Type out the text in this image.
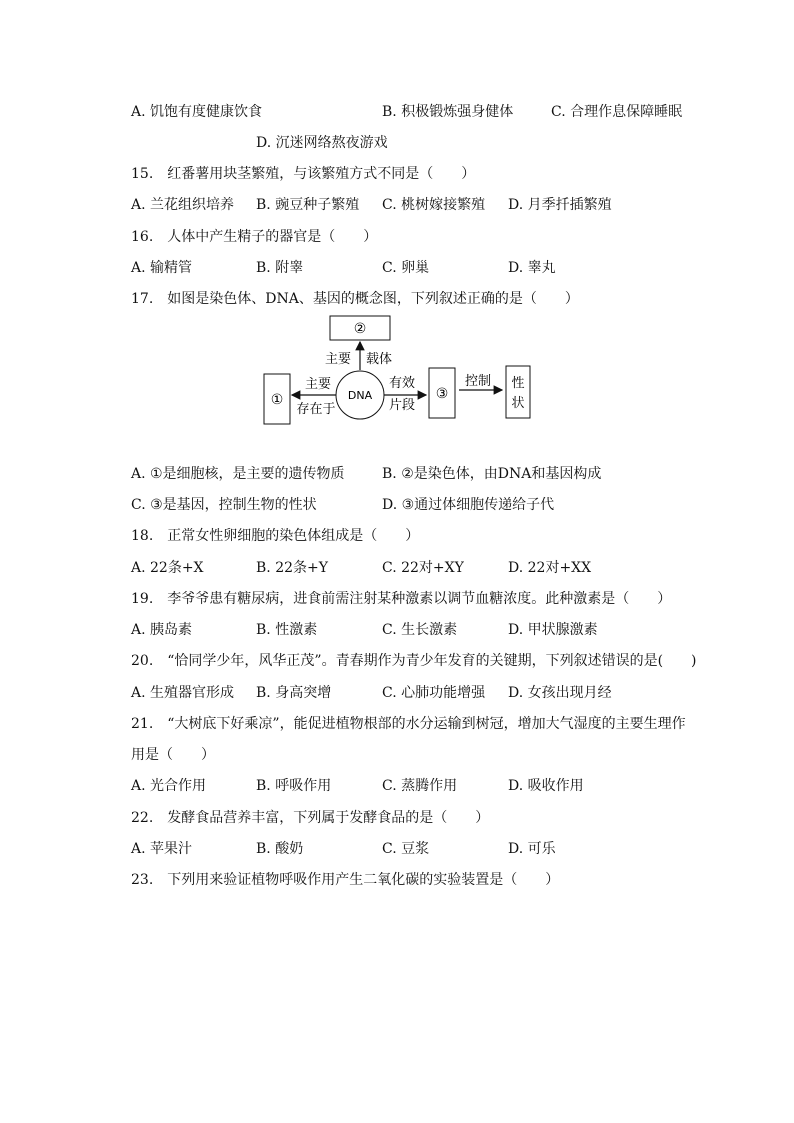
A. 饥饱有度健康饮食	B. 积极锻炼强身健体	C. 合理作息保障睡眠
D. 沉迷网络熬夜游戏
15.　红番薯用块茎繁殖，与该繁殖方式不同是（　　）
A. 兰花组织培养 B. 豌豆种子繁殖 C. 桃树嫁接繁殖 D. 月季扦插繁殖
16.　人体中产生精子的器官是（　　）
A. 输精管	B. 附睾	C. 卵巢	D. 睾丸
17.　如图是染色体、DNA、基因的概念图，下列叙述正确的是（　　）
②
主要 载体
DNA
①
主要
存在于
有效
片段
③
控制 性
状
A. ①是细胞核，是主要的遗传物质	B. ②是染色体，由DNA和基因构成
C. ③是基因，控制生物的性状	D. ③通过体细胞传递给子代
18.　正常女性卵细胞的染色体组成是（　　）
A. 22条+X	B. 22条+Y	C. 22对+XY	D. 22对+XX
19.　李爷爷患有糖尿病，进食前需注射某种激素以调节血糖浓度。此种激素是（　　）
A. 胰岛素	B. 性激素	C. 生长激素	D. 甲状腺激素
20.　“恰同学少年，风华正茂”。青春期作为青少年发育的关键期，下列叙述错误的是(　　)
A. 生殖器官形成 B. 身高突增	C. 心肺功能增强 D. 女孩出现月经
21.　“大树底下好乘凉”，能促进植物根部的水分运输到树冠，增加大气湿度的主要生理作
用是（　　）
A. 光合作用	B. 呼吸作用	C. 蒸腾作用	D. 吸收作用
22.　发酵食品营养丰富，下列属于发酵食品的是（　　）
A. 苹果汁	B. 酸奶	C. 豆浆	D. 可乐
23.　下列用来验证植物呼吸作用产生二氧化碳的实验装置是（　　）
